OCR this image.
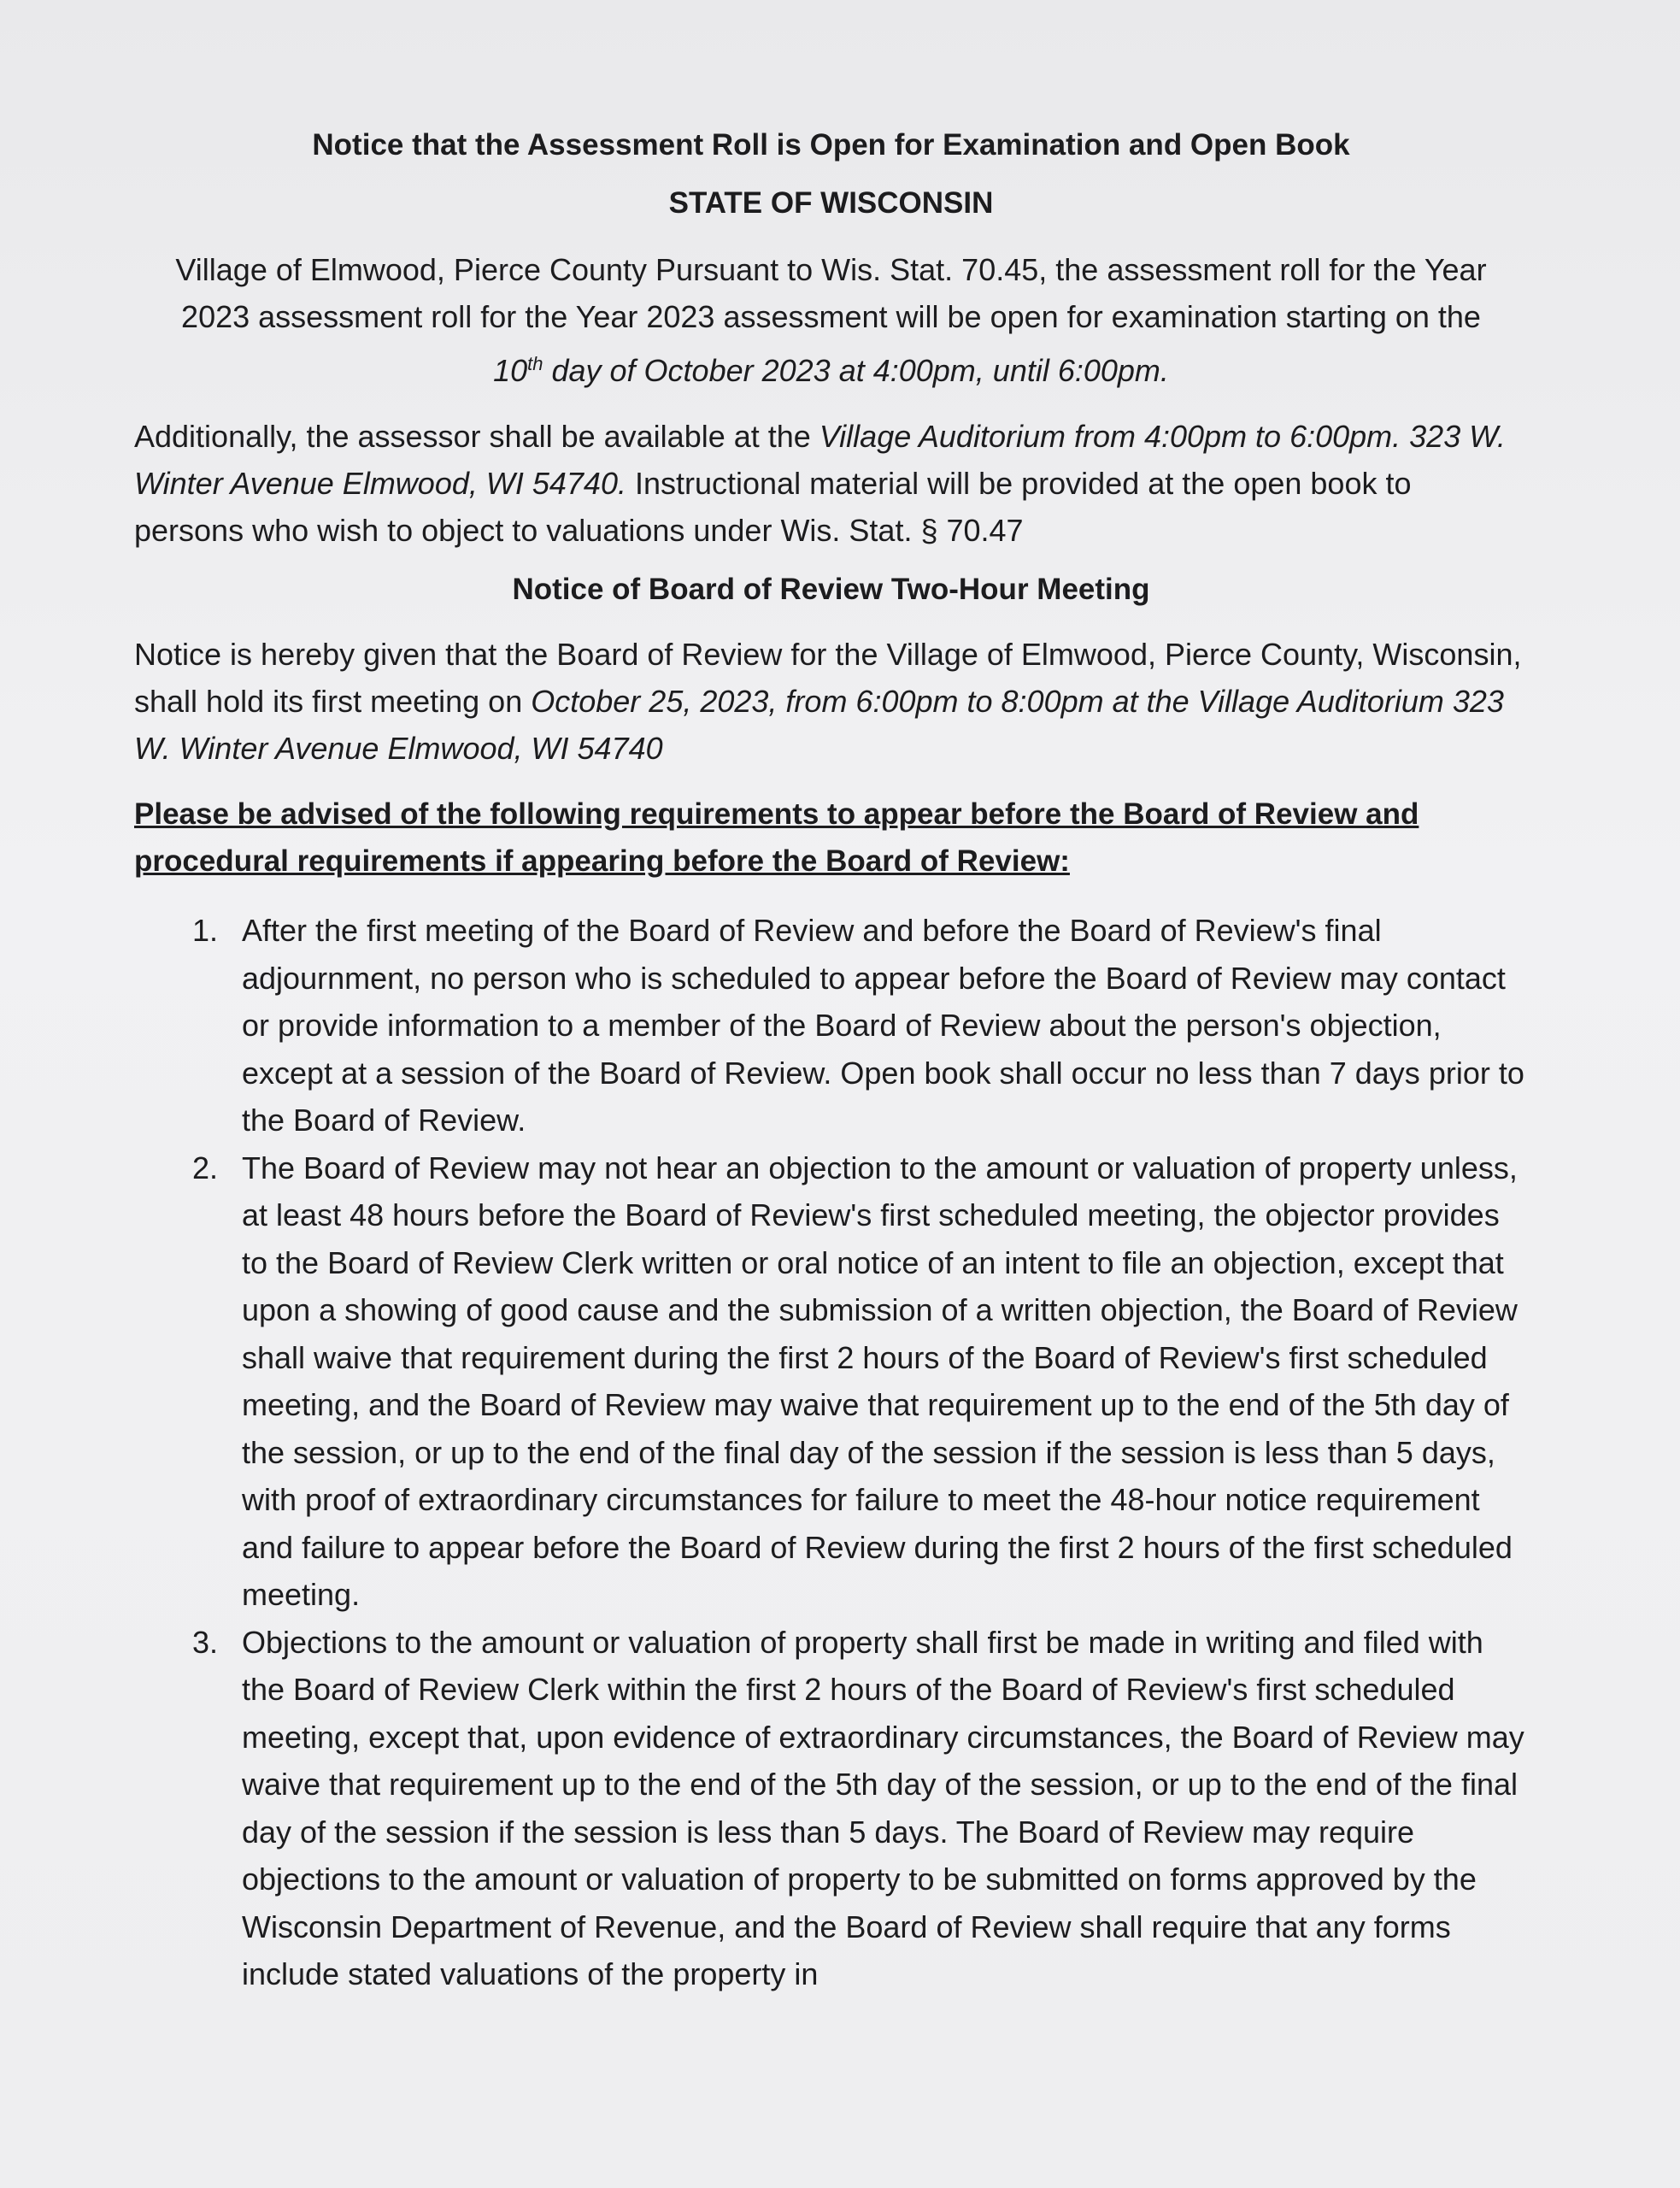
Notice that the Assessment Roll is Open for Examination and Open Book
STATE OF WISCONSIN

Village of Elmwood, Pierce County Pursuant to Wis. Stat. 70.45, the assessment roll for the Year 2023 assessment roll for the Year 2023 assessment will be open for examination starting on the
10th day of October 2023 at 4:00pm, until 6:00pm.

Additionally, the assessor shall be available at the Village Auditorium from 4:00pm to 6:00pm. 323 W. Winter Avenue Elmwood, WI 54740. Instructional material will be provided at the open book to persons who wish to object to valuations under Wis. Stat. § 70.47

Notice of Board of Review Two-Hour Meeting

Notice is hereby given that the Board of Review for the Village of Elmwood, Pierce County, Wisconsin, shall hold its first meeting on October 25, 2023, from 6:00pm to 8:00pm at the Village Auditorium 323 W. Winter Avenue Elmwood, WI 54740

Please be advised of the following requirements to appear before the Board of Review and procedural requirements if appearing before the Board of Review:

1. After the first meeting of the Board of Review and before the Board of Review's final adjournment, no person who is scheduled to appear before the Board of Review may contact or provide information to a member of the Board of Review about the person's objection, except at a session of the Board of Review. Open book shall occur no less than 7 days prior to the Board of Review.
2. The Board of Review may not hear an objection to the amount or valuation of property unless, at least 48 hours before the Board of Review's first scheduled meeting, the objector provides to the Board of Review Clerk written or oral notice of an intent to file an objection, except that upon a showing of good cause and the submission of a written objection, the Board of Review shall waive that requirement during the first 2 hours of the Board of Review's first scheduled meeting, and the Board of Review may waive that requirement up to the end of the 5th day of the session, or up to the end of the final day of the session if the session is less than 5 days, with proof of extraordinary circumstances for failure to meet the 48-hour notice requirement and failure to appear before the Board of Review during the first 2 hours of the first scheduled meeting.
3. Objections to the amount or valuation of property shall first be made in writing and filed with the Board of Review Clerk within the first 2 hours of the Board of Review's first scheduled meeting, except that, upon evidence of extraordinary circumstances, the Board of Review may waive that requirement up to the end of the 5th day of the session, or up to the end of the final day of the session if the session is less than 5 days. The Board of Review may require objections to the amount or valuation of property to be submitted on forms approved by the Wisconsin Department of Revenue, and the Board of Review shall require that any forms include stated valuations of the property in
